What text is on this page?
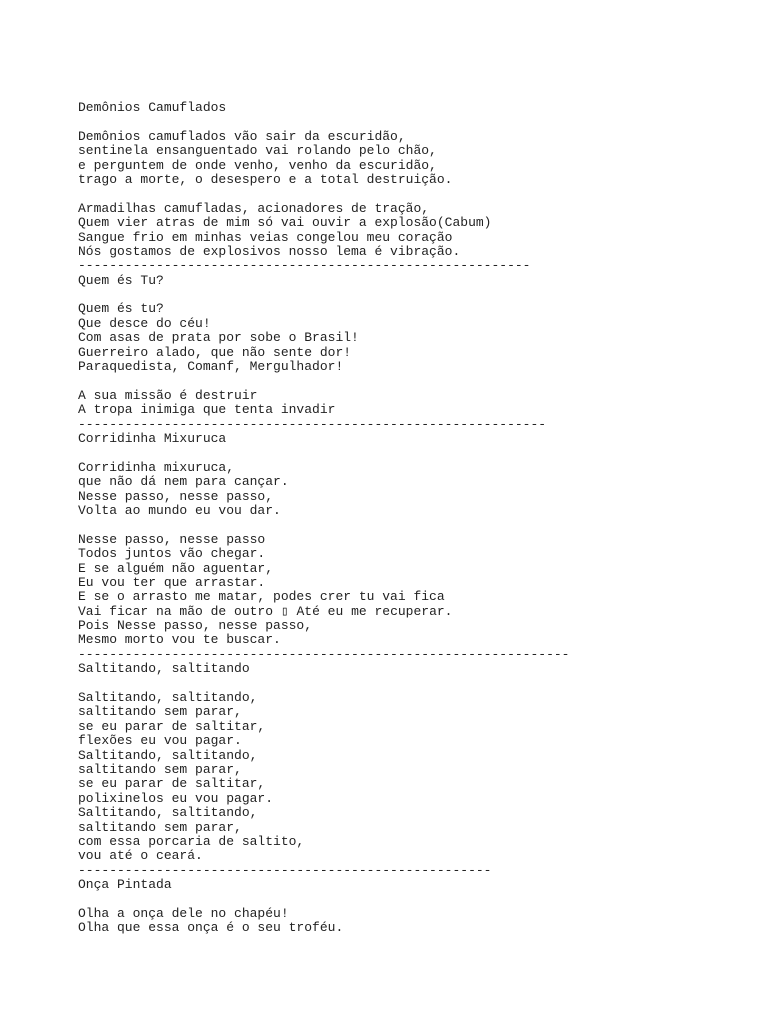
Demônios Camuflados
Demônios camuflados vão sair da escuridão,
sentinela ensanguentado vai rolando pelo chão,
e perguntem de onde venho, venho da escuridão,
trago a morte, o desespero e a total destruição.
Armadilhas camufladas, acionadores de tração,
Quem vier atras de mim só vai ouvir a explosão(Cabum)
Sangue frio em minhas veias congelou meu coração
Nós gostamos de explosivos nosso lema é vibração.
----------------------------------------------------------
Quem és Tu?
Quem és tu?
Que desce do céu!
Com asas de prata por sobe o Brasil!
Guerreiro alado, que não sente dor!
Paraquedista, Comanf, Mergulhador!
A sua missão é destruir
A tropa inimiga que tenta invadir
------------------------------------------------------------
Corridinha Mixuruca
Corridinha mixuruca,
que não dá nem para cançar.
Nesse passo, nesse passo,
Volta ao mundo eu vou dar.
Nesse passo, nesse passo
Todos juntos vão chegar.
E se alguém não aguentar,
Eu vou ter que arrastar.
E se o arrasto me matar, podes crer tu vai fica
Vai ficar na mão de outro ▯ Até eu me recuperar.
Pois Nesse passo, nesse passo,
Mesmo morto vou te buscar.
---------------------------------------------------------------
Saltitando, saltitando
Saltitando, saltitando,
saltitando sem parar,
se eu parar de saltitar,
flexões eu vou pagar.
Saltitando, saltitando,
saltitando sem parar,
se eu parar de saltitar,
polixinelos eu vou pagar.
Saltitando, saltitando,
saltitando sem parar,
com essa porcaria de saltito,
vou até o ceará.
-----------------------------------------------------
Onça Pintada
Olha a onça dele no chapéu!
Olha que essa onça é o seu troféu.
